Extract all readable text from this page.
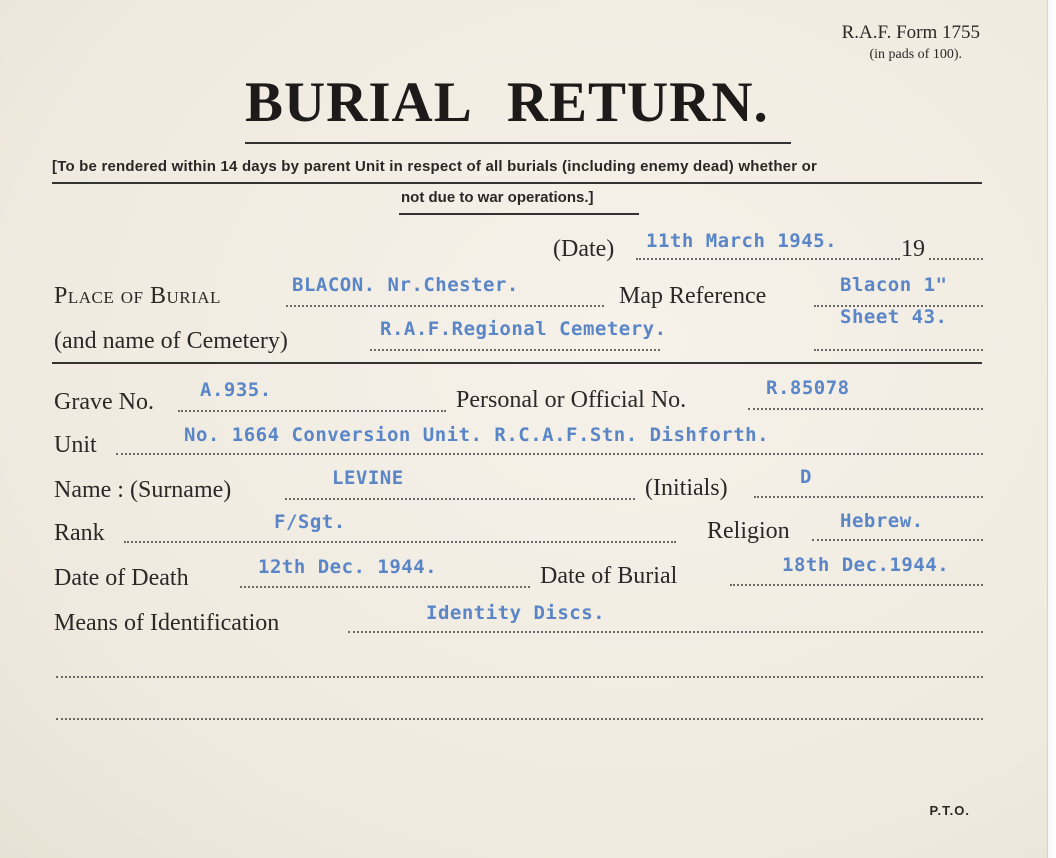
R.A.F. Form 1755
(in pads of 100).
BURIAL RETURN.
[To be rendered within 14 days by parent Unit in respect of all burials (including enemy dead) whether or
not due to war operations.]
(Date) 11th March 1945.	19
Place of Burial	BLACON. Nr.Chester.	Map Reference	Blacon 1"
(and name of Cemetery)	R.A.F.Regional Cemetery.
Sheet 43.
Grave No. A.935.	Personal or Official No.	R.85078
Unit	No. 1664 Conversion Unit. R.C.A.F.Stn. Dishforth.
Name : (Surname)	LEVINE	(Initials)	D
Rank	F/Sgt.	Religion	Hebrew.
Date of Death	12th Dec. 1944.	Date of Burial	18th Dec.1944.
Means of Identification	Identity Discs.
P.T.O.
